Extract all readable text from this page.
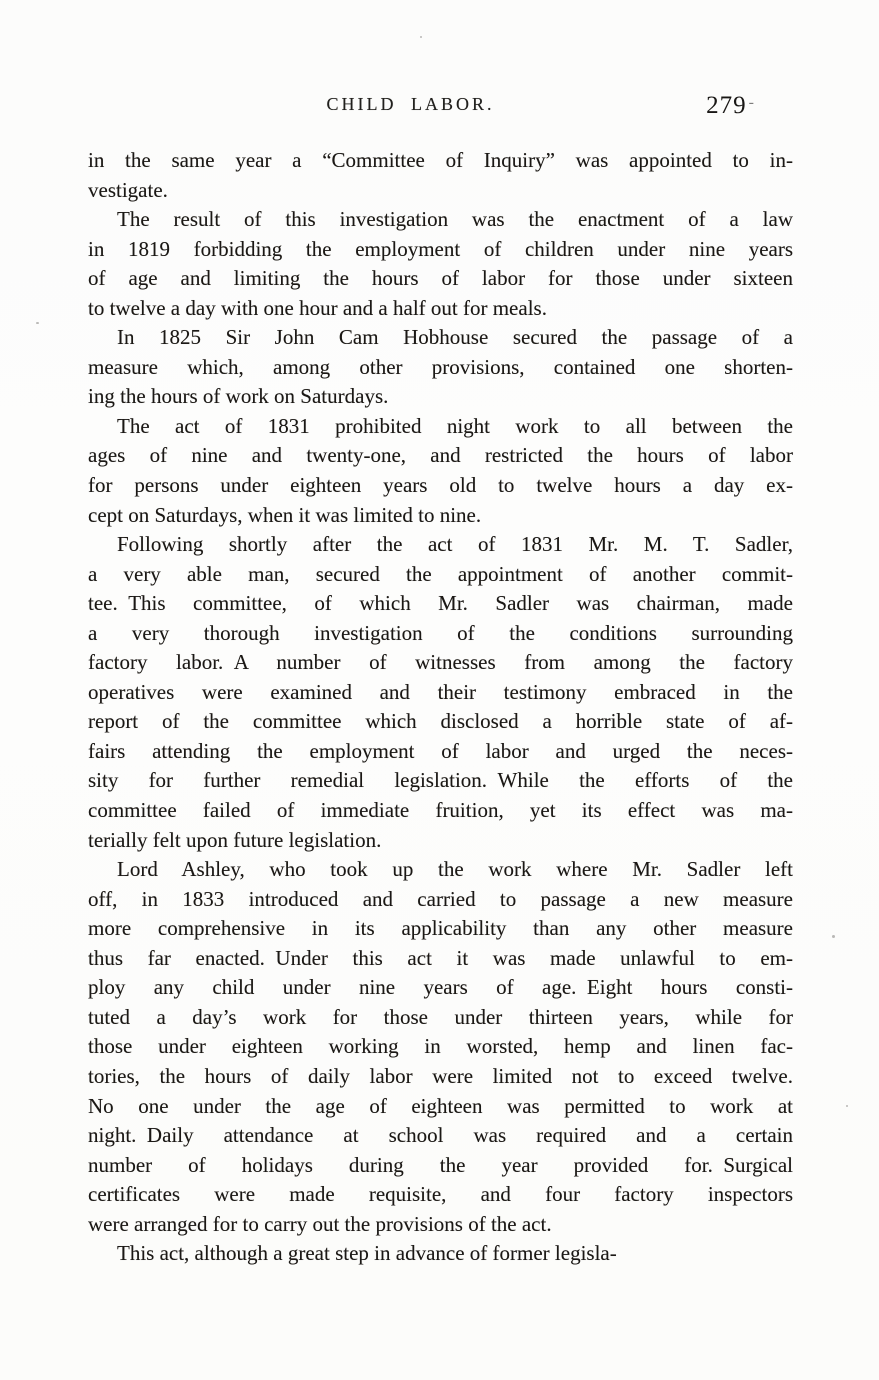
CHILD LABOR.	279 -

in the same year a “Committee of Inquiry” was appointed to in-
vestigate.

The result of this investigation was the enactment of a law
in 1819 forbidding the employment of children under nine years
of age and limiting the hours of labor for those under sixteen
to twelve a day with one hour and a half out for meals.

In 1825 Sir John Cam Hobhouse secured the passage of a
measure which, among other provisions, contained one shorten-
ing the hours of work on Saturdays.

The act of 1831 prohibited night work to all between the
ages of nine and twenty-one, and restricted the hours of labor
for persons under eighteen years old to twelve hours a day ex-
cept on Saturdays, when it was limited to nine.

Following shortly after the act of 1831 Mr. M. T. Sadler,
a very able man, secured the appointment of another commit-
tee. This committee, of which Mr. Sadler was chairman, made
a very thorough investigation of the conditions surrounding
factory labor. A number of witnesses from among the factory
operatives were examined and their testimony embraced in the
report of the committee which disclosed a horrible state of af-
fairs attending the employment of labor and urged the neces-
sity for further remedial legislation. While the efforts of the
committee failed of immediate fruition, yet its effect was ma-
terially felt upon future legislation.

Lord Ashley, who took up the work where Mr. Sadler left
off, in 1833 introduced and carried to passage a new measure
more comprehensive in its applicability than any other measure
thus far enacted. Under this act it was made unlawful to em-
ploy any child under nine years of age. Eight hours consti-
tuted a day’s work for those under thirteen years, while for
those under eighteen working in worsted, hemp and linen fac-
tories, the hours of daily labor were limited not to exceed twelve.
No one under the age of eighteen was permitted to work at
night. Daily attendance at school was required and a certain
number of holidays during the year provided for. Surgical
certificates were made requisite, and four factory inspectors
were arranged for to carry out the provisions of the act.

This act, although a great step in advance of former legisla-
